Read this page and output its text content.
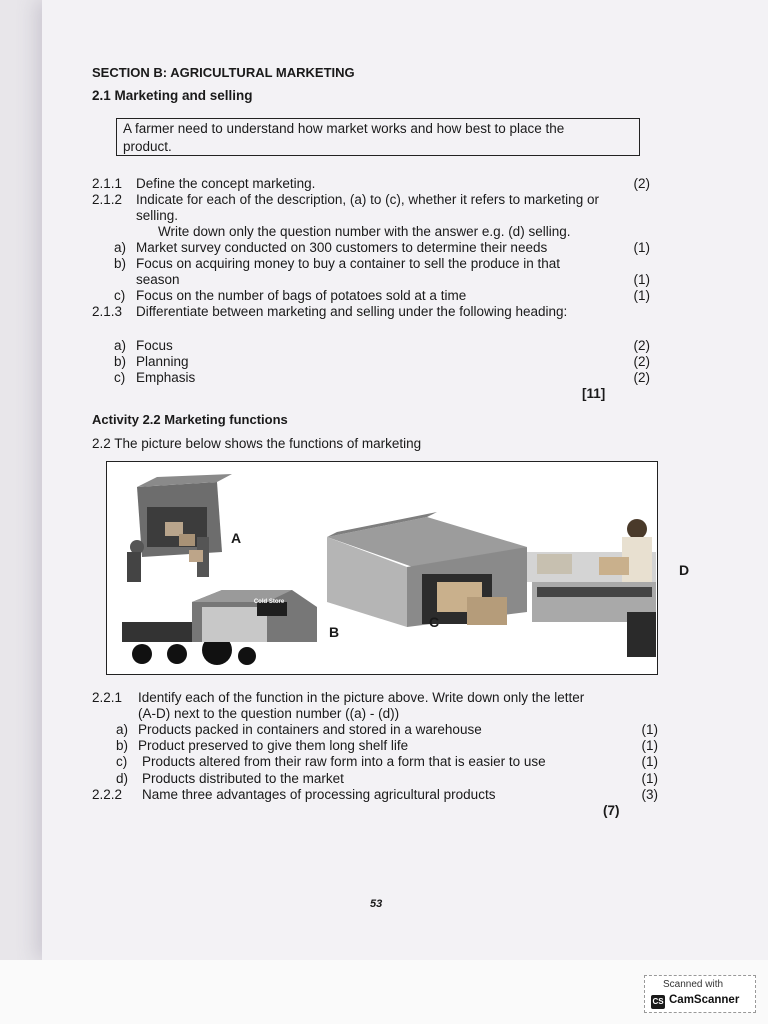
SECTION B: AGRICULTURAL MARKETING
2.1 Marketing and selling
A farmer need to understand how market works and how best to place the
product.
2.1.1 Define the concept marketing.	(2)
2.1.2 Indicate for each of the description, (a) to (c), whether it refers to marketing or
selling.
Write down only the question number with the answer e.g. (d) selling.
a) Market survey conducted on 300 customers to determine their needs	(1)
b) Focus on acquiring money to buy a container to sell the produce in that
season	(1)
c) Focus on the number of bags of potatoes sold at a time	(1)
2.1.3 Differentiate between marketing and selling under the following heading:
a) Focus	(2)
b) Planning	(2)
c) Emphasis	(2)
[11]
Activity 2.2 Marketing functions
2.2 The picture below shows the functions of marketing
A
B
C
D
Cold Store
2.2.1 Identify each of the function in the picture above. Write down only the letter
(A-D) next to the question number ((a) - (d))
a) Products packed in containers and stored in a warehouse	(1)
b) Product preserved to give them long shelf life	(1)
c) Products altered from their raw form into a form that is easier to use	(1)
d) Products distributed to the market	(1)
2.2.2 Name three advantages of processing agricultural products	(3)
(7)
53
Scanned with
CS CamScanner
